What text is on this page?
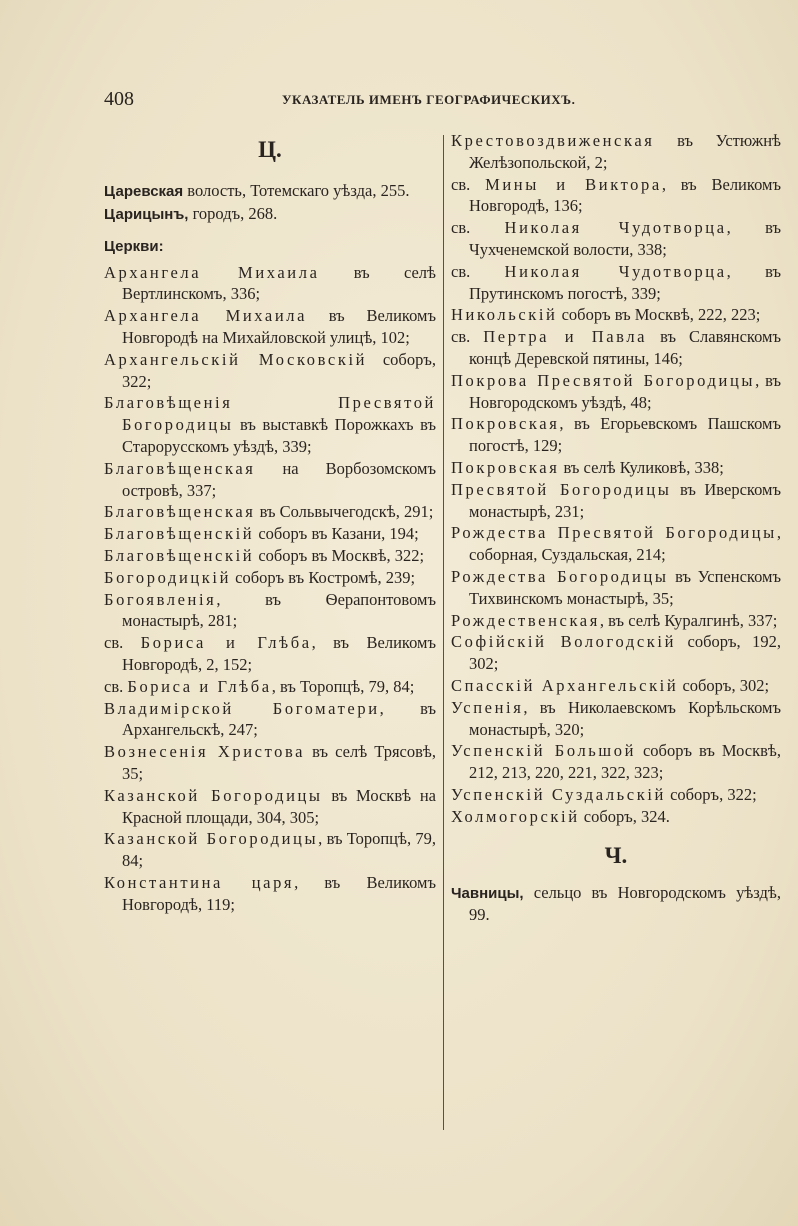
408	УКАЗАТЕЛЬ ИМЕНЪ ГЕОГРАФИЧЕСКИХЪ.
Ц.

Царевская волость, Тотемскаго уѣзда, 255.

Царицынъ, городъ, 268.

Церкви:

Архангела Михаила въ селѣ Вертлинскомъ, 336;

Архангела Михаила въ Великомъ Новгородѣ на Михайловской улицѣ, 102;

Архангельскій Московскій соборъ, 322;

Благовѣщенія Пресвятой Богородицы въ выставкѣ Порожкахъ въ Старорусскомъ уѣздѣ, 339;

Благовѣщенская на Ворбозомскомъ островѣ, 337;

Благовѣщенская въ Сольвычегодскѣ, 291;

Благовѣщенскій соборъ въ Казани, 194;

Благовѣщенскій соборъ въ Москвѣ, 322;

Богородицкій соборъ въ Костромѣ, 239;

Богоявленія, въ Ѳерапонтовомъ монастырѣ, 281;

св. Бориса и Глѣба, въ Великомъ Новгородѣ, 2, 152;

св. Бориса и Глѣба, въ Торопцѣ, 79, 84;

Владимірской Богоматери, въ Архангельскѣ, 247;

Вознесенія Христова въ селѣ Трясовѣ, 35;

Казанской Богородицы въ Москвѣ на Красной площади, 304, 305;

Казанской Богородицы, въ Торопцѣ, 79, 84;

Константина царя, въ Великомъ Новгородѣ, 119;

Крестовоздвиженская въ Устюжнѣ Желѣзопольской, 2;

св. Мины и Виктора, въ Великомъ Новгородѣ, 136;

св. Николая Чудотворца, въ Чухченемской волости, 338;

св. Николая Чудотворца, въ Прутинскомъ погостѣ, 339;

Никольскій соборъ въ Москвѣ, 222, 223;

св. Пертра и Павла въ Славянскомъ концѣ Деревской пятины, 146;

Покрова Пресвятой Богородицы, въ Новгородскомъ уѣздѣ, 48;

Покровская, въ Егорьевскомъ Пашскомъ погостѣ, 129;

Покровская въ селѣ Куликовѣ, 338;

Пресвятой Богородицы въ Иверскомъ монастырѣ, 231;

Рождества Пресвятой Богородицы, соборная, Суздальская, 214;

Рождества Богородицы въ Успенскомъ Тихвинскомъ монастырѣ, 35;

Рождественская, въ селѣ Куралгинѣ, 337;

Софійскій Вологодскій соборъ, 192, 302;

Спасскій Архангельскій соборъ, 302;

Успенія, въ Николаевскомъ Корѣльскомъ монастырѣ, 320;

Успенскій Большой соборъ въ Москвѣ, 212, 213, 220, 221, 322, 323;

Успенскій Суздальскій соборъ, 322;

Холмогорскій соборъ, 324.

Ч.

Чавницы, сельцо въ Новгородскомъ уѣздѣ, 99.
